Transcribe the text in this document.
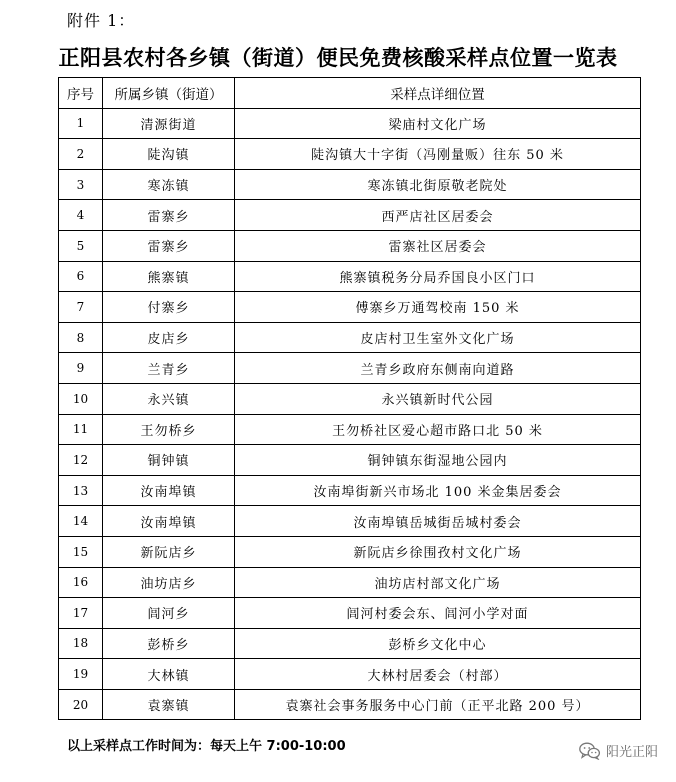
附件 1：
正阳县农村各乡镇（街道）便民免费核酸采样点位置一览表
序号	所属乡镇（街道）	采样点详细位置
1	清源街道	梁庙村文化广场
2	陡沟镇	陡沟镇大十字街（冯刚量贩）往东 50 米
3	寒冻镇	寒冻镇北街原敬老院处
4	雷寨乡	西严店社区居委会
5	雷寨乡	雷寨社区居委会
6	熊寨镇	熊寨镇税务分局乔国良小区门口
7	付寨乡	傅寨乡万通驾校南 150 米
8	皮店乡	皮店村卫生室外文化广场
9	兰青乡	兰青乡政府东侧南向道路
10	永兴镇	永兴镇新时代公园
11	王勿桥乡	王勿桥社区爱心超市路口北 50 米
12	铜钟镇	铜钟镇东街湿地公园内
13	汝南埠镇	汝南埠街新兴市场北 100 米金集居委会
14	汝南埠镇	汝南埠镇岳城街岳城村委会
15	新阮店乡	新阮店乡徐围孜村文化广场
16	油坊店乡	油坊店村部文化广场
17	闾河乡	闾河村委会东、闾河小学对面
18	彭桥乡	彭桥乡文化中心
19	大林镇	大林村居委会（村部）
20	袁寨镇	袁寨社会事务服务中心门前（正平北路 200 号）
以上采样点工作时间为：每天上午 7:00-10:00	阳光正阳
